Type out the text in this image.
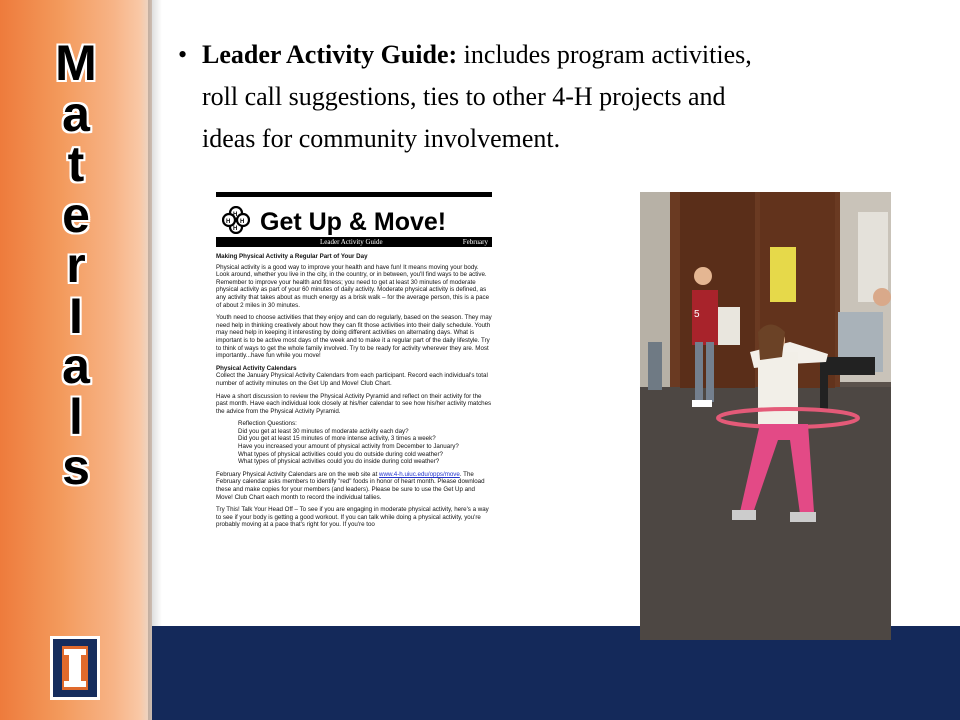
M
a
t
e
r
I
a
l
s
• Leader Activity Guide: includes program activities,
roll call suggestions, ties to other 4-H projects and
ideas for community involvement.
H
H
H H Get Up & Move!
Leader Activity Guide	February

Making Physical Activity a Regular Part of Your Day

Physical activity is a good way to improve your health and have fun! It means moving your body. Look around, whether you live in the city, in the country, or in between, you'll find ways to be active. Remember to improve your health and fitness; you need to get at least 30 minutes of moderate physical activity as part of your 60 minutes of daily activity. Moderate physical activity is defined, as any activity that takes about as much energy as a brisk walk – for the average person, this is a pace of about 2 miles in 30 minutes.

Youth need to choose activities that they enjoy and can do regularly, based on the season. They may need help in thinking creatively about how they can fit those activities into their daily schedule. Youth may need help in keeping it interesting by doing different activities on alternating days. What is important is to be active most days of the week and to make it a regular part of the daily lifestyle. Try to think of ways to get the whole family involved. Try to be ready for activity wherever they are. Most importantly...have fun while you move!

Physical Activity Calendars

Collect the January Physical Activity Calendars from each participant. Record each individual's total number of activity minutes on the Get Up and Move! Club Chart.

Have a short discussion to review the Physical Activity Pyramid and reflect on their activity for the past month. Have each individual look closely at his/her calendar to see how his/her activity matches the advice from the Physical Activity Pyramid.

Reflection Questions:
Did you get at least 30 minutes of moderate activity each day?
Did you get at least 15 minutes of more intense activity, 3 times a week?
Have you increased your amount of physical activity from December to January?
What types of physical activities could you do outside during cold weather?
What types of physical activities could you do inside during cold weather?

February Physical Activity Calendars are on the web site at www.4-h.uiuc.edu/opps/move. The February calendar asks members to identify "red" foods in honor of heart month. Please download these and make copies for your members (and leaders). Please be sure to use the Get Up and Move! Club Chart each month to record the individual tallies.

Try This! Talk Your Head Off – To see if you are engaging in moderate physical activity, here's a way to see if your body is getting a good workout. If you can talk while doing a physical activity, you're probably moving at a pace that's right for you. If you're too

5
